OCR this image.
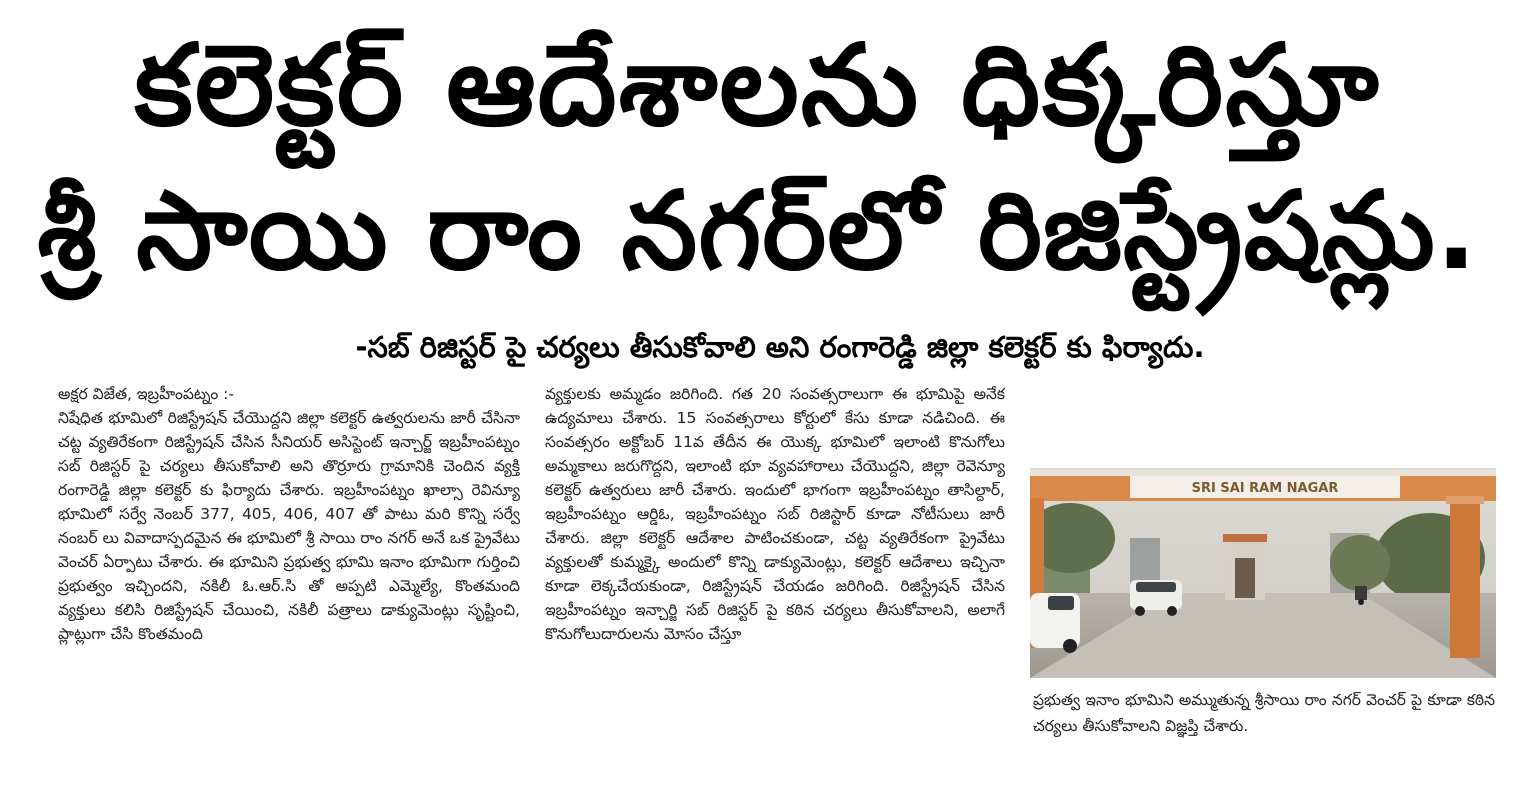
కలెక్టర్ ఆదేశాలను ధిక్కరిస్తూ
శ్రీ సాయి రాం నగర్‌లో రిజిస్ట్రేషన్లు.
-సబ్ రిజిస్టర్ పై చర్యలు తీసుకోవాలి అని రంగారెడ్డి జిల్లా కలెక్టర్ కు ఫిర్యాదు.
అక్షర విజేత, ఇబ్రహీంపట్నం :-
నిషేధిత భూమిలో రిజిస్ట్రేషన్ చేయొద్దని జిల్లా కలెక్టర్ ఉత్వరులను జారీ చేసినా చట్ట వ్యతిరేకంగా రిజిస్ట్రేషన్ చేసిన సీనియర్ అసిస్టెంట్ ఇన్చార్జ్ ఇబ్రహీంపట్నం సబ్ రిజిస్టర్ పై చర్యలు తీసుకోవాలి అని తొర్రూరు గ్రామానికి చెందిన వ్యక్తి రంగారెడ్డి జిల్లా కలెక్టర్ కు ఫిర్యాదు చేశారు. ఇబ్రహీంపట్నం ఖాల్సా రెవిన్యూ భూమిలో సర్వే నెంబర్ 377, 405, 406, 407 తో పాటు మరి కొన్ని సర్వే నంబర్ లు వివాదాస్పదమైన ఈ భూమిలో శ్రీ సాయి రాం నగర్ అనే ఒక ప్రైవేటు వెంచర్ ఏర్పాటు చేశారు. ఈ భూమిని ప్రభుత్వ భూమి ఇనాం భూమిగా గుర్తించి ప్రభుత్వం ఇచ్చిందని, నకిలీ ఓ.ఆర్.సి తో అప్పటి ఎమ్మెల్యే, కొంతమంది వ్యక్తులు కలిసి రిజిస్ట్రేషన్ చేయించి, నకిలీ పత్రాలు డాక్యుమెంట్లు సృష్టించి, ప్లాట్లుగా చేసి కొంతమంది
వ్యక్తులకు అమ్మడం జరిగింది. గత 20 సంవత్సరాలుగా ఈ భూమిపై అనేక ఉద్యమాలు చేశారు. 15 సంవత్సరాలు కోర్టులో కేసు కూడా నడిచింది. ఈ సంవత్సరం అక్టోబర్ 11వ తేదీన ఈ యొక్క భూమిలో ఇలాంటి కొనుగోలు అమ్మకాలు జరుగొద్దని, ఇలాంటి భూ వ్యవహారాలు చేయొద్దని, జిల్లా రెవెన్యూ కలెక్టర్ ఉత్వరులు జారీ చేశారు. ఇందులో భాగంగా ఇబ్రహీంపట్నం తాసిల్దార్, ఇబ్రహీంపట్నం ఆర్డిఓ, ఇబ్రహీంపట్నం సబ్ రిజిస్టార్ కూడా నోటీసులు జారీ చేశారు. జిల్లా కలెక్టర్ ఆదేశాల పాటించకుండా, చట్ట వ్యతిరేకంగా ప్రైవేటు వ్యక్తులతో కుమ్మక్కై అందులో కొన్ని డాక్యుమెంట్లు, కలెక్టర్ ఆదేశాలు ఇచ్చినా కూడా లెక్కచేయకుండా, రిజిస్ట్రేషన్ చేయడం జరిగింది. రిజిస్ట్రేషన్ చేసిన ఇబ్రహీంపట్నం ఇన్చార్జి సబ్ రిజిస్టర్ పై కఠిన చర్యలు తీసుకోవాలని, అలాగే కొనుగోలుదారులను మోసం చేస్తూ
SRI SAI RAM NAGAR
ప్రభుత్వ ఇనాం భూమిని అమ్ముతున్న శ్రీసాయి రాం నగర్ వెంచర్ పై కూడా కఠిన చర్యలు తీసుకోవాలని విజ్ఞప్తి చేశారు.
